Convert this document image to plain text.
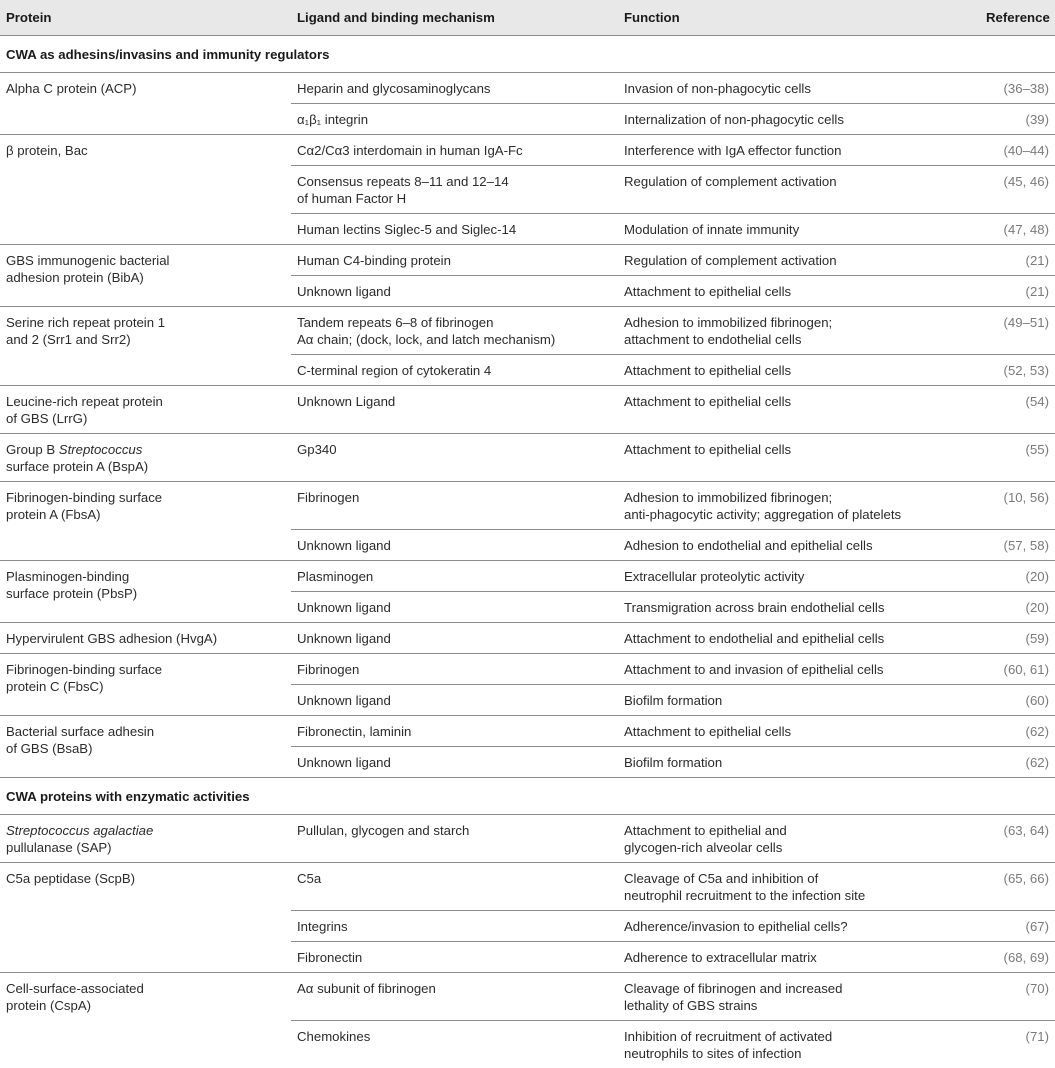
Protein	Ligand and binding mechanism	Function	Reference
CWA as adhesins/invasins and immunity regulators			
Alpha C protein (ACP)	Heparin and glycosaminoglycans	Invasion of non-phagocytic cells	(36–38)
	α₁β₁ integrin	Internalization of non-phagocytic cells	(39)
β protein, Bac	Cα2/Cα3 interdomain in human IgA-Fc	Interference with IgA effector function	(40–44)

	Consensus repeats 8–11 and 12–14
of human Factor H	Regulation of complement activation	(45, 46)
	Human lectins Siglec-5 and Siglec-14	Modulation of innate immunity	(47, 48)

GBS immunogenic bacterial
adhesion protein (BibA)	Human C4-binding protein	Regulation of complement activation	(21)
	Unknown ligand	Attachment to epithelial cells	(21)

Serine rich repeat protein 1
and 2 (Srr1 and Srr2)	Tandem repeats 6–8 of fibrinogen
Aα chain; (dock, lock, and latch mechanism)	Adhesion to immobilized fibrinogen;
attachment to endothelial cells	(49–51)
	C-terminal region of cytokeratin 4	Attachment to epithelial cells	(52, 53)

Leucine-rich repeat protein
of GBS (LrrG)	Unknown Ligand	Attachment to epithelial cells	(54)

Group B Streptococcus
surface protein A (BspA)	Gp340	Attachment to epithelial cells	(55)

Fibrinogen-binding surface
protein A (FbsA)	Fibrinogen	Adhesion to immobilized fibrinogen;
anti-phagocytic activity; aggregation of platelets	(10, 56)
	Unknown ligand	Adhesion to endothelial and epithelial cells	(57, 58)

Plasminogen-binding
surface protein (PbsP)	Plasminogen	Extracellular proteolytic activity	(20)
	Unknown ligand	Transmigration across brain endothelial cells	(20)
Hypervirulent GBS adhesion (HvgA)	Unknown ligand	Attachment to endothelial and epithelial cells	(59)

Fibrinogen-binding surface
protein C (FbsC)	Fibrinogen	Attachment to and invasion of epithelial cells	(60, 61)
	Unknown ligand	Biofilm formation	(60)

Bacterial surface adhesin
of GBS (BsaB)	Fibronectin, laminin	Attachment to epithelial cells	(62)
	Unknown ligand	Biofilm formation	(62)
CWA proteins with enzymatic activities			
Streptococcus agalactiae
pullulanase (SAP)	Pullulan, glycogen and starch	Attachment to epithelial and
glycogen-rich alveolar cells	(63, 64)
C5a peptidase (ScpB)	C5a	Cleavage of C5a and inhibition of
neutrophil recruitment to the infection site	(65, 66)
	Integrins	Adherence/invasion to epithelial cells?	(67)
	Fibronectin	Adherence to extracellular matrix	(68, 69)

Cell-surface-associated
protein (CspA)	Aα subunit of fibrinogen	Cleavage of fibrinogen and increased
lethality of GBS strains	(70)
	Chemokines	Inhibition of recruitment of activated
neutrophils to sites of infection	(71)
